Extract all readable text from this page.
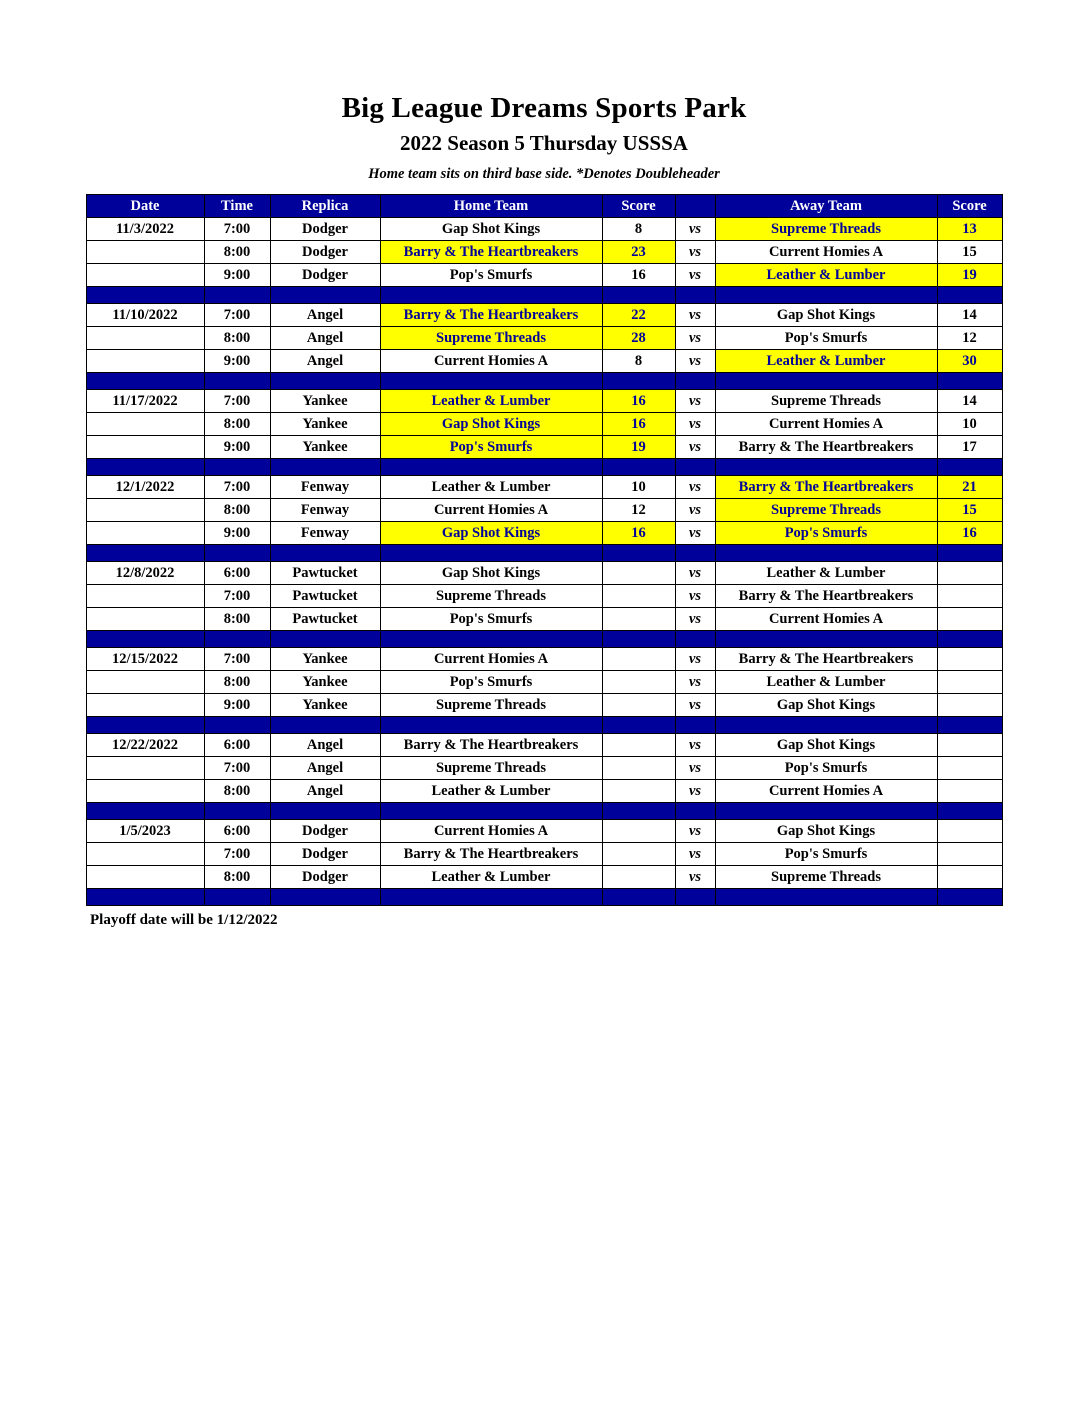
Big League Dreams Sports Park
2022 Season 5 Thursday USSSA

Home team sits on third base side. *Denotes Doubleheader

Date	Time	Replica	Home Team	Score		Away Team	Score
11/3/2022	7:00	Dodger	Gap Shot Kings	8	vs	Supreme Threads	13
	8:00	Dodger	Barry & The Heartbreakers	23	vs	Current Homies A	15
	9:00	Dodger	Pop's Smurfs	16	vs	Leather & Lumber	19

11/10/2022	7:00	Angel	Barry & The Heartbreakers	22	vs	Gap Shot Kings	14
	8:00	Angel	Supreme Threads	28	vs	Pop's Smurfs	12
	9:00	Angel	Current Homies A	8	vs	Leather & Lumber	30

11/17/2022	7:00	Yankee	Leather & Lumber	16	vs	Supreme Threads	14
	8:00	Yankee	Gap Shot Kings	16	vs	Current Homies A	10
	9:00	Yankee	Pop's Smurfs	19	vs	Barry & The Heartbreakers	17

12/1/2022	7:00	Fenway	Leather & Lumber	10	vs	Barry & The Heartbreakers	21
	8:00	Fenway	Current Homies A	12	vs	Supreme Threads	15
	9:00	Fenway	Gap Shot Kings	16	vs	Pop's Smurfs	16

12/8/2022	6:00	Pawtucket	Gap Shot Kings		vs	Leather & Lumber	
	7:00	Pawtucket	Supreme Threads		vs	Barry & The Heartbreakers	
	8:00	Pawtucket	Pop's Smurfs		vs	Current Homies A	

12/15/2022	7:00	Yankee	Current Homies A		vs	Barry & The Heartbreakers	
	8:00	Yankee	Pop's Smurfs		vs	Leather & Lumber	
	9:00	Yankee	Supreme Threads		vs	Gap Shot Kings	

12/22/2022	6:00	Angel	Barry & The Heartbreakers		vs	Gap Shot Kings	
	7:00	Angel	Supreme Threads		vs	Pop's Smurfs	
	8:00	Angel	Leather & Lumber		vs	Current Homies A	

1/5/2023	6:00	Dodger	Current Homies A		vs	Gap Shot Kings	
	7:00	Dodger	Barry & The Heartbreakers		vs	Pop's Smurfs	
	8:00	Dodger	Leather & Lumber		vs	Supreme Threads	

Playoff date will be 1/12/2022
